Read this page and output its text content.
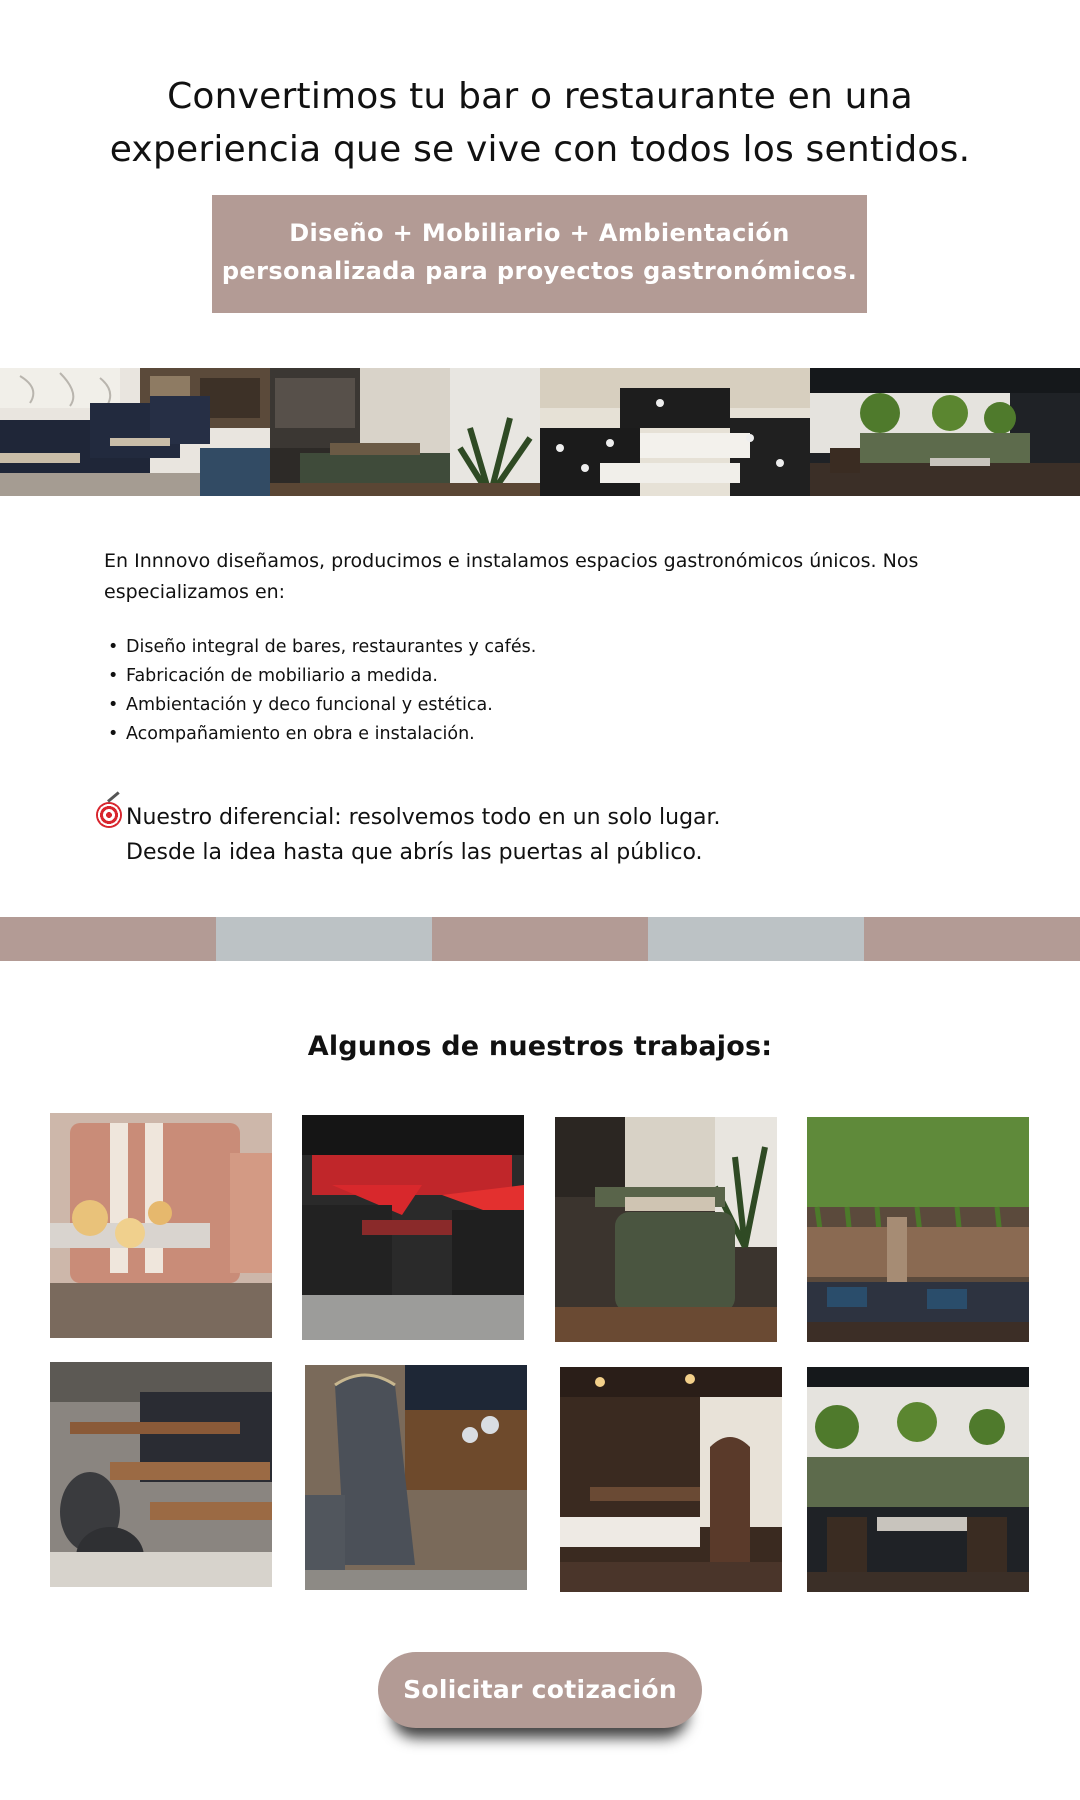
Convertimos tu bar o restaurante en una
experiencia que se vive con todos los sentidos.
Diseño + Mobiliario + Ambientación
personalizada para proyectos gastronómicos.

En Innnovo diseñamos, producimos e instalamos espacios gastronómicos únicos. Nos especializamos en:

• Diseño integral de bares, restaurantes y cafés.
• Fabricación de mobiliario a medida.
• Ambientación y deco funcional y estética.
• Acompañamiento en obra e instalación.
Nuestro diferencial: resolvemos todo en un solo lugar.
Desde la idea hasta que abrís las puertas al público.
Algunos de nuestros trabajos:
Solicitar cotización
